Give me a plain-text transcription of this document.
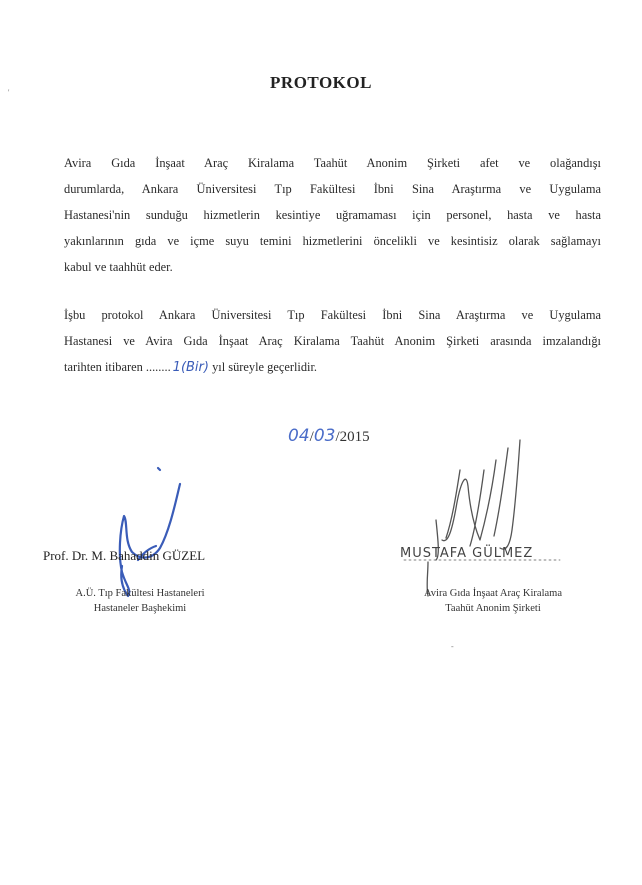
'
PROTOKOL
Avira Gıda İnşaat Araç Kiralama Taahüt Anonim Şirketi afet ve olağandışı
durumlarda, Ankara Üniversitesi Tıp Fakültesi İbni Sina Araştırma ve Uygulama
Hastanesi'nin sunduğu hizmetlerin kesintiye uğramaması için personel, hasta ve hasta
yakınlarının gıda ve içme suyu temini hizmetlerini öncelikli ve kesintisiz olarak sağlamayı
kabul ve taahhüt eder.
İşbu protokol Ankara Üniversitesi Tıp Fakültesi İbni Sina Araştırma ve Uygulama
Hastanesi ve Avira Gıda İnşaat Araç Kiralama Taahüt Anonim Şirketi arasında imzalandığı
tarihten itibaren ........ 1(Bir) yıl süreyle geçerlidir.
04/03/2015
Prof. Dr. M. Bahaddin GÜZEL
A.Ü. Tıp Fakültesi Hastaneleri
Hastaneler Başhekimi
MUSTAFA GÜLMEZ
Avira Gıda İnşaat Araç Kiralama
Taahüt Anonim Şirketi
-
